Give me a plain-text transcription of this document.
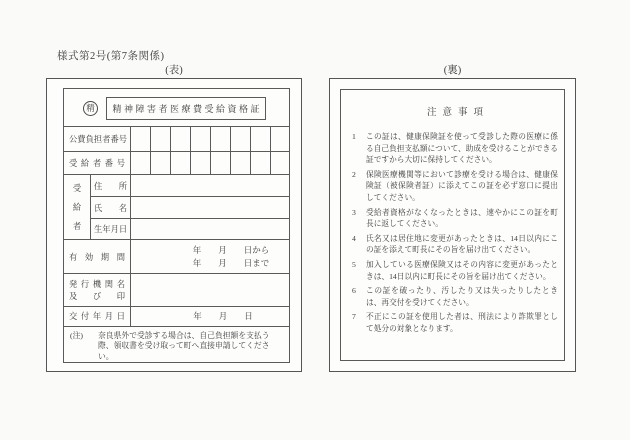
様式第2号(第7条関係)
(表)	(裏)
精	精神障害者医療費受給資格証
公費負担者番号
受給者番号
受
給
者
住所
氏名
生年月日
有効期間
年　　月　　日から
年　　月　　日まで
発行機関名
及び印
交付年月日	年　　月　　日
(注)	奈良県外で受診する場合は、自己負担額を支払う際、領収書を受け取って町へ直接申請してください。
注意事項
1	この証は、健康保険証を使って受診した際の医療に係る自己負担支払額について、助成を受けることができる証ですから大切に保持してください。
2	保険医療機関等において診療を受ける場合は、健康保険証（被保険者証）に添えてこの証を必ず窓口に提出してください。
3	受給者資格がなくなったときは、速やかにこの証を町長に返してください。
4	氏名又は居住地に変更があったときは、14日以内にこの証を添えて町長にその旨を届け出てください。
5	加入している医療保険又はその内容に変更があったときは、14日以内に町長にその旨を届け出てください。
6	この証を破ったり、汚したり又は失ったりしたときは、再交付を受けてください。
7	不正にこの証を使用した者は、刑法により詐欺罪として処分の対象となります。
